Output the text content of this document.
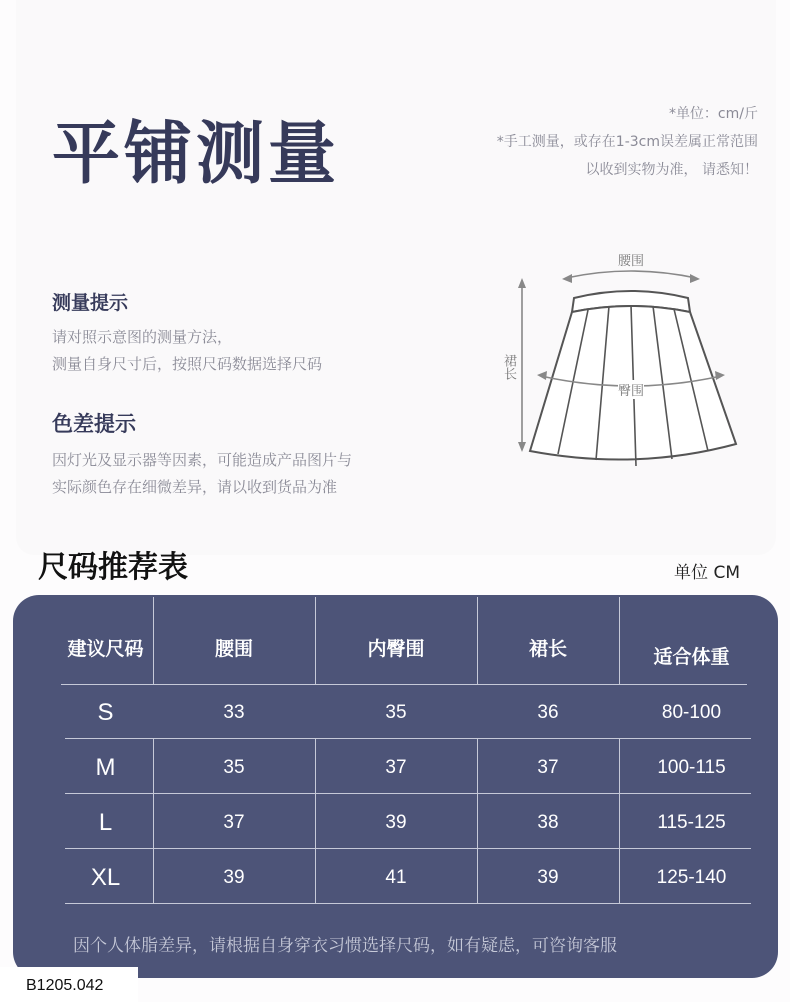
平铺测量
*单位：cm/斤
*手工测量，或存在1-3cm误差属正常范围
以收到实物为准， 请悉知！
测量提示
请对照示意图的测量方法，
测量自身尺寸后，按照尺码数据选择尺码
色差提示
因灯光及显示器等因素，可能造成产品图片与
实际颜色存在细微差异，请以收到货品为准
腰围
臀围
裙长
尺码推荐表	单位 CM
建议尺码	腰围	内臀围	裙长	适合体重
S	33	35	36	80-100
M	35	37	37	100-115
L	37	39	38	115-125
XL	39	41	39	125-140
因个人体脂差异，请根据自身穿衣习惯选择尺码，如有疑虑，可咨询客服
B1205.042
